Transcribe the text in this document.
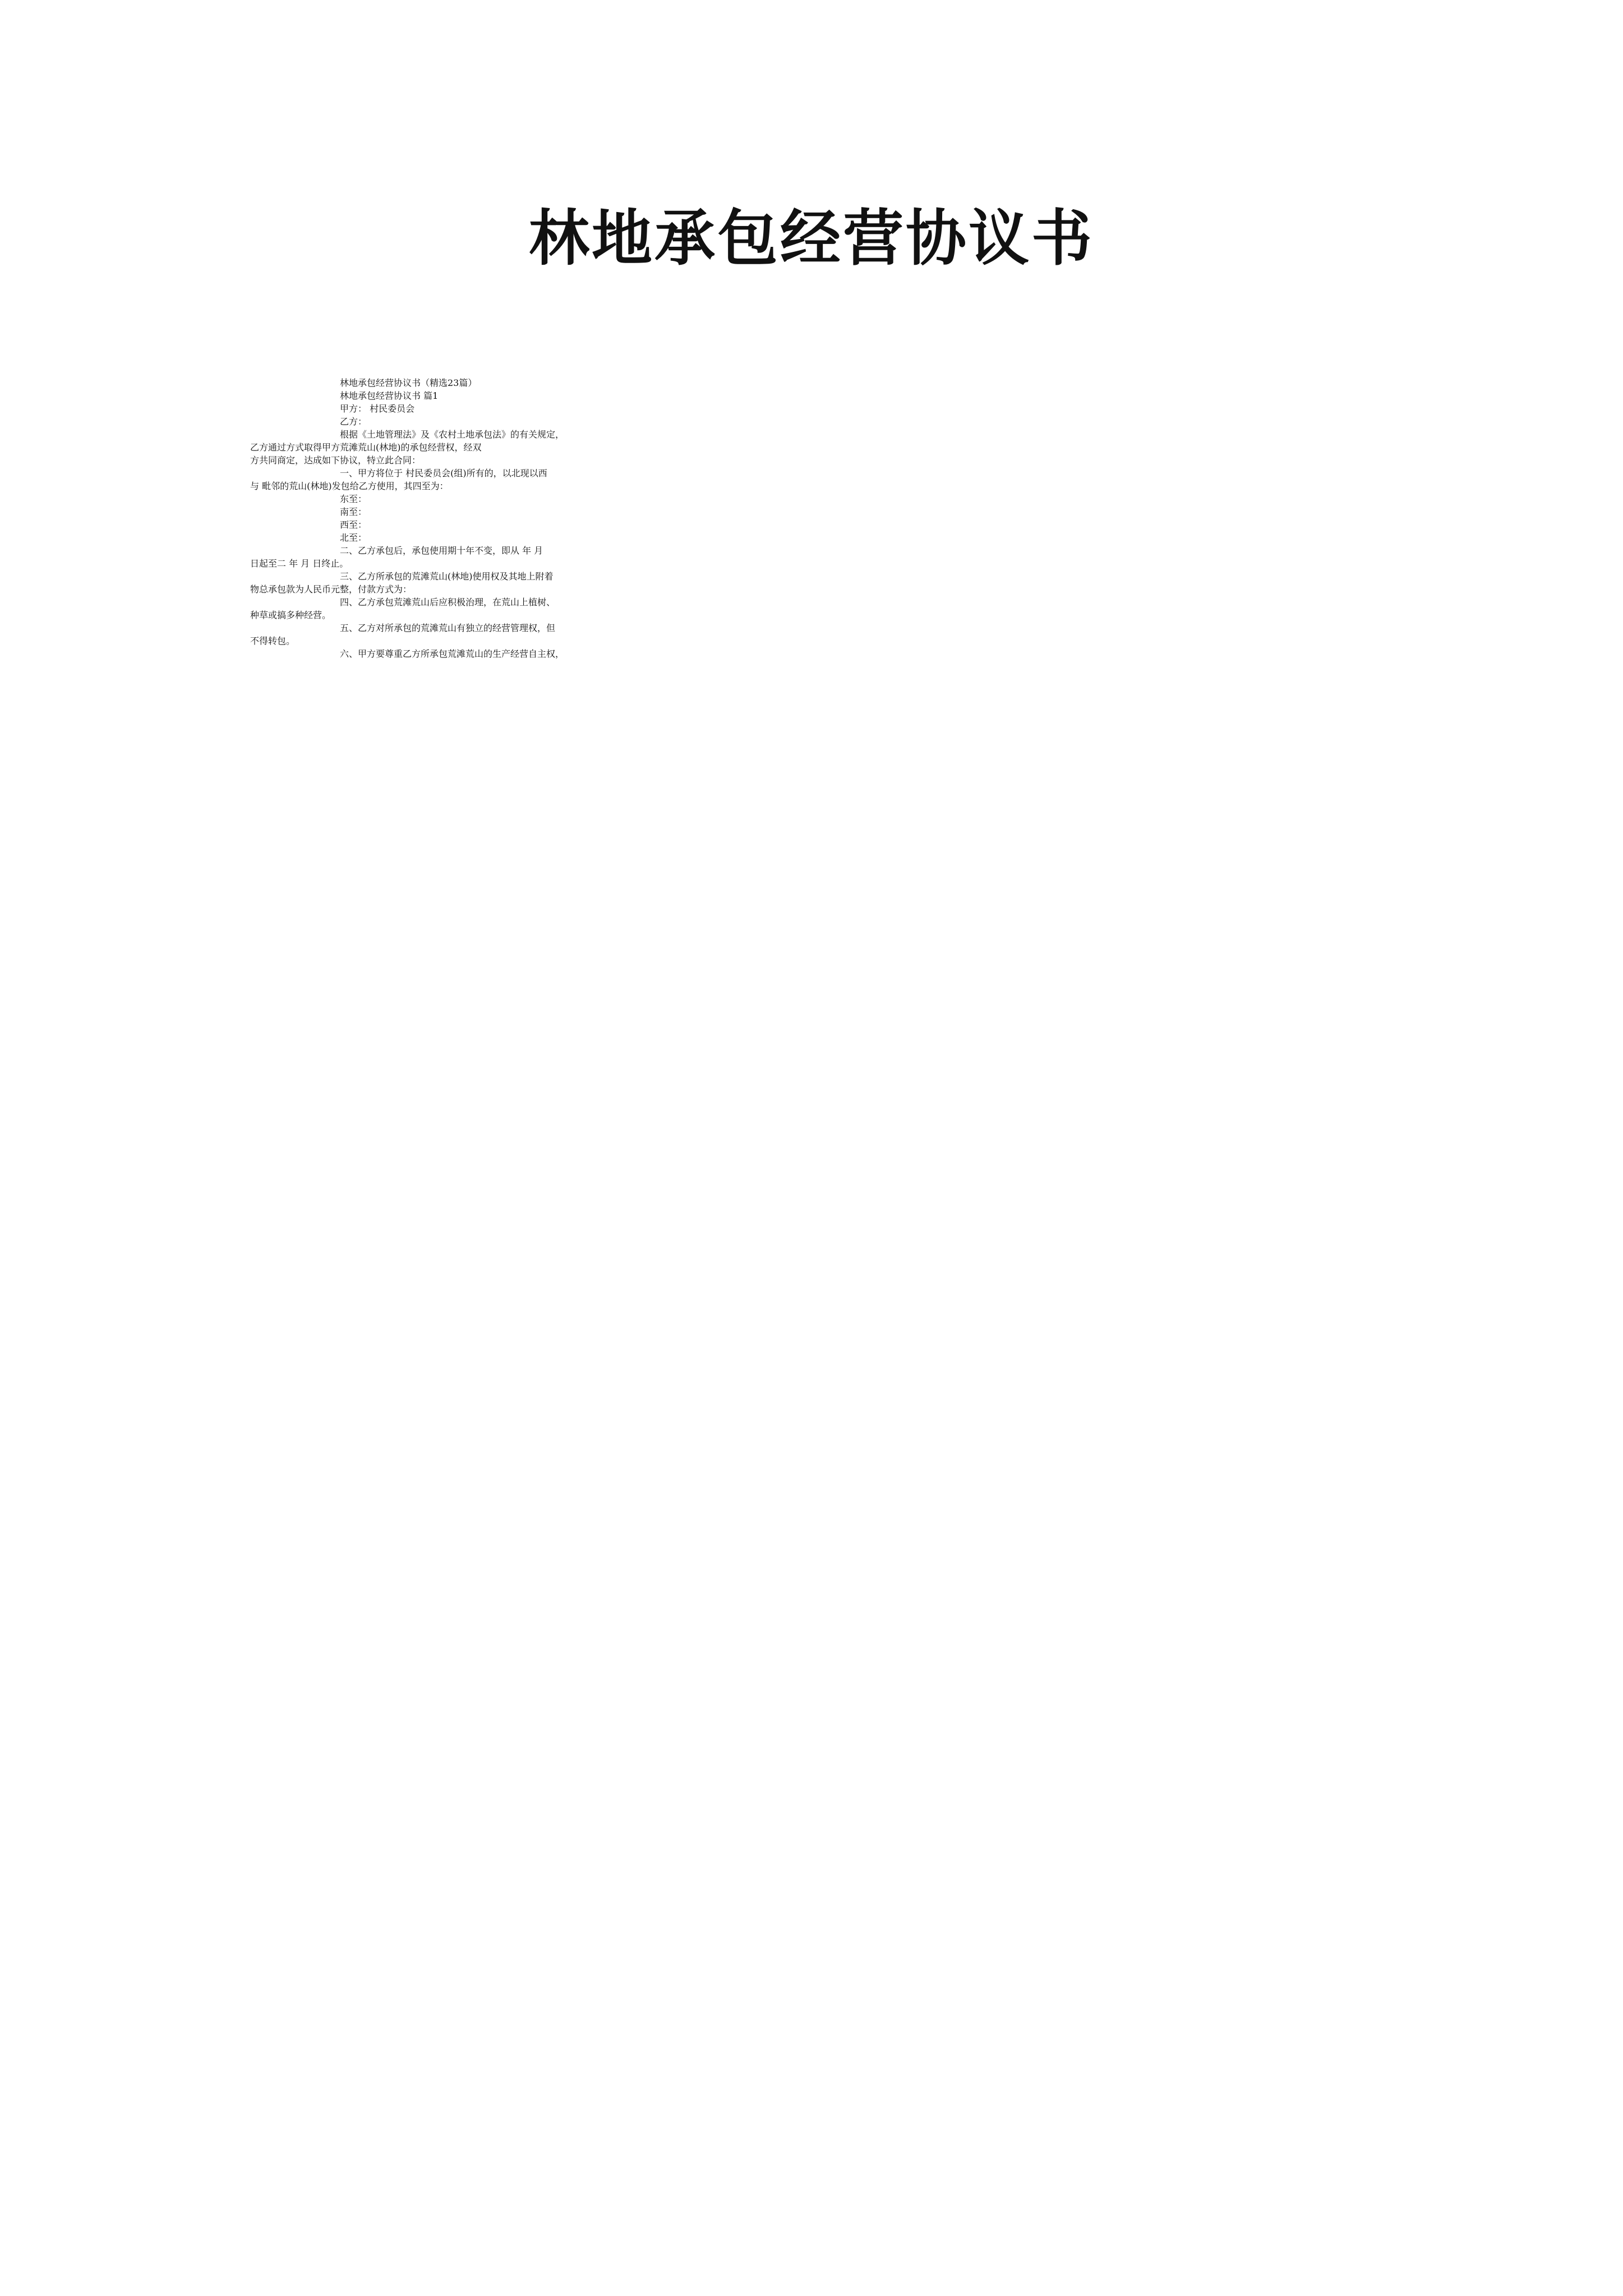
林地承包经营协议书
林地承包经营协议书（精选23篇）
林地承包经营协议书 篇1
甲方： 村民委员会
乙方：
根据《土地管理法》及《农村土地承包法》的有关规定，
乙方通过方式取得甲方荒滩荒山(林地)的承包经营权，经双
方共同商定，达成如下协议，特立此合同：
一、甲方将位于 村民委员会(组)所有的，以北现以西
与 毗邻的荒山(林地)发包给乙方使用，其四至为：
东至：
南至：
西至：
北至：
二、乙方承包后，承包使用期十年不变，即从 年 月
日起至二 年 月 日终止。
三、乙方所承包的荒滩荒山(林地)使用权及其地上附着
物总承包款为人民币元整，付款方式为：
四、乙方承包荒滩荒山后应积极治理，在荒山上植树、
种草或搞多种经营。
五、乙方对所承包的荒滩荒山有独立的经营管理权，但
不得转包。
六、甲方要尊重乙方所承包荒滩荒山的生产经营自主权，
